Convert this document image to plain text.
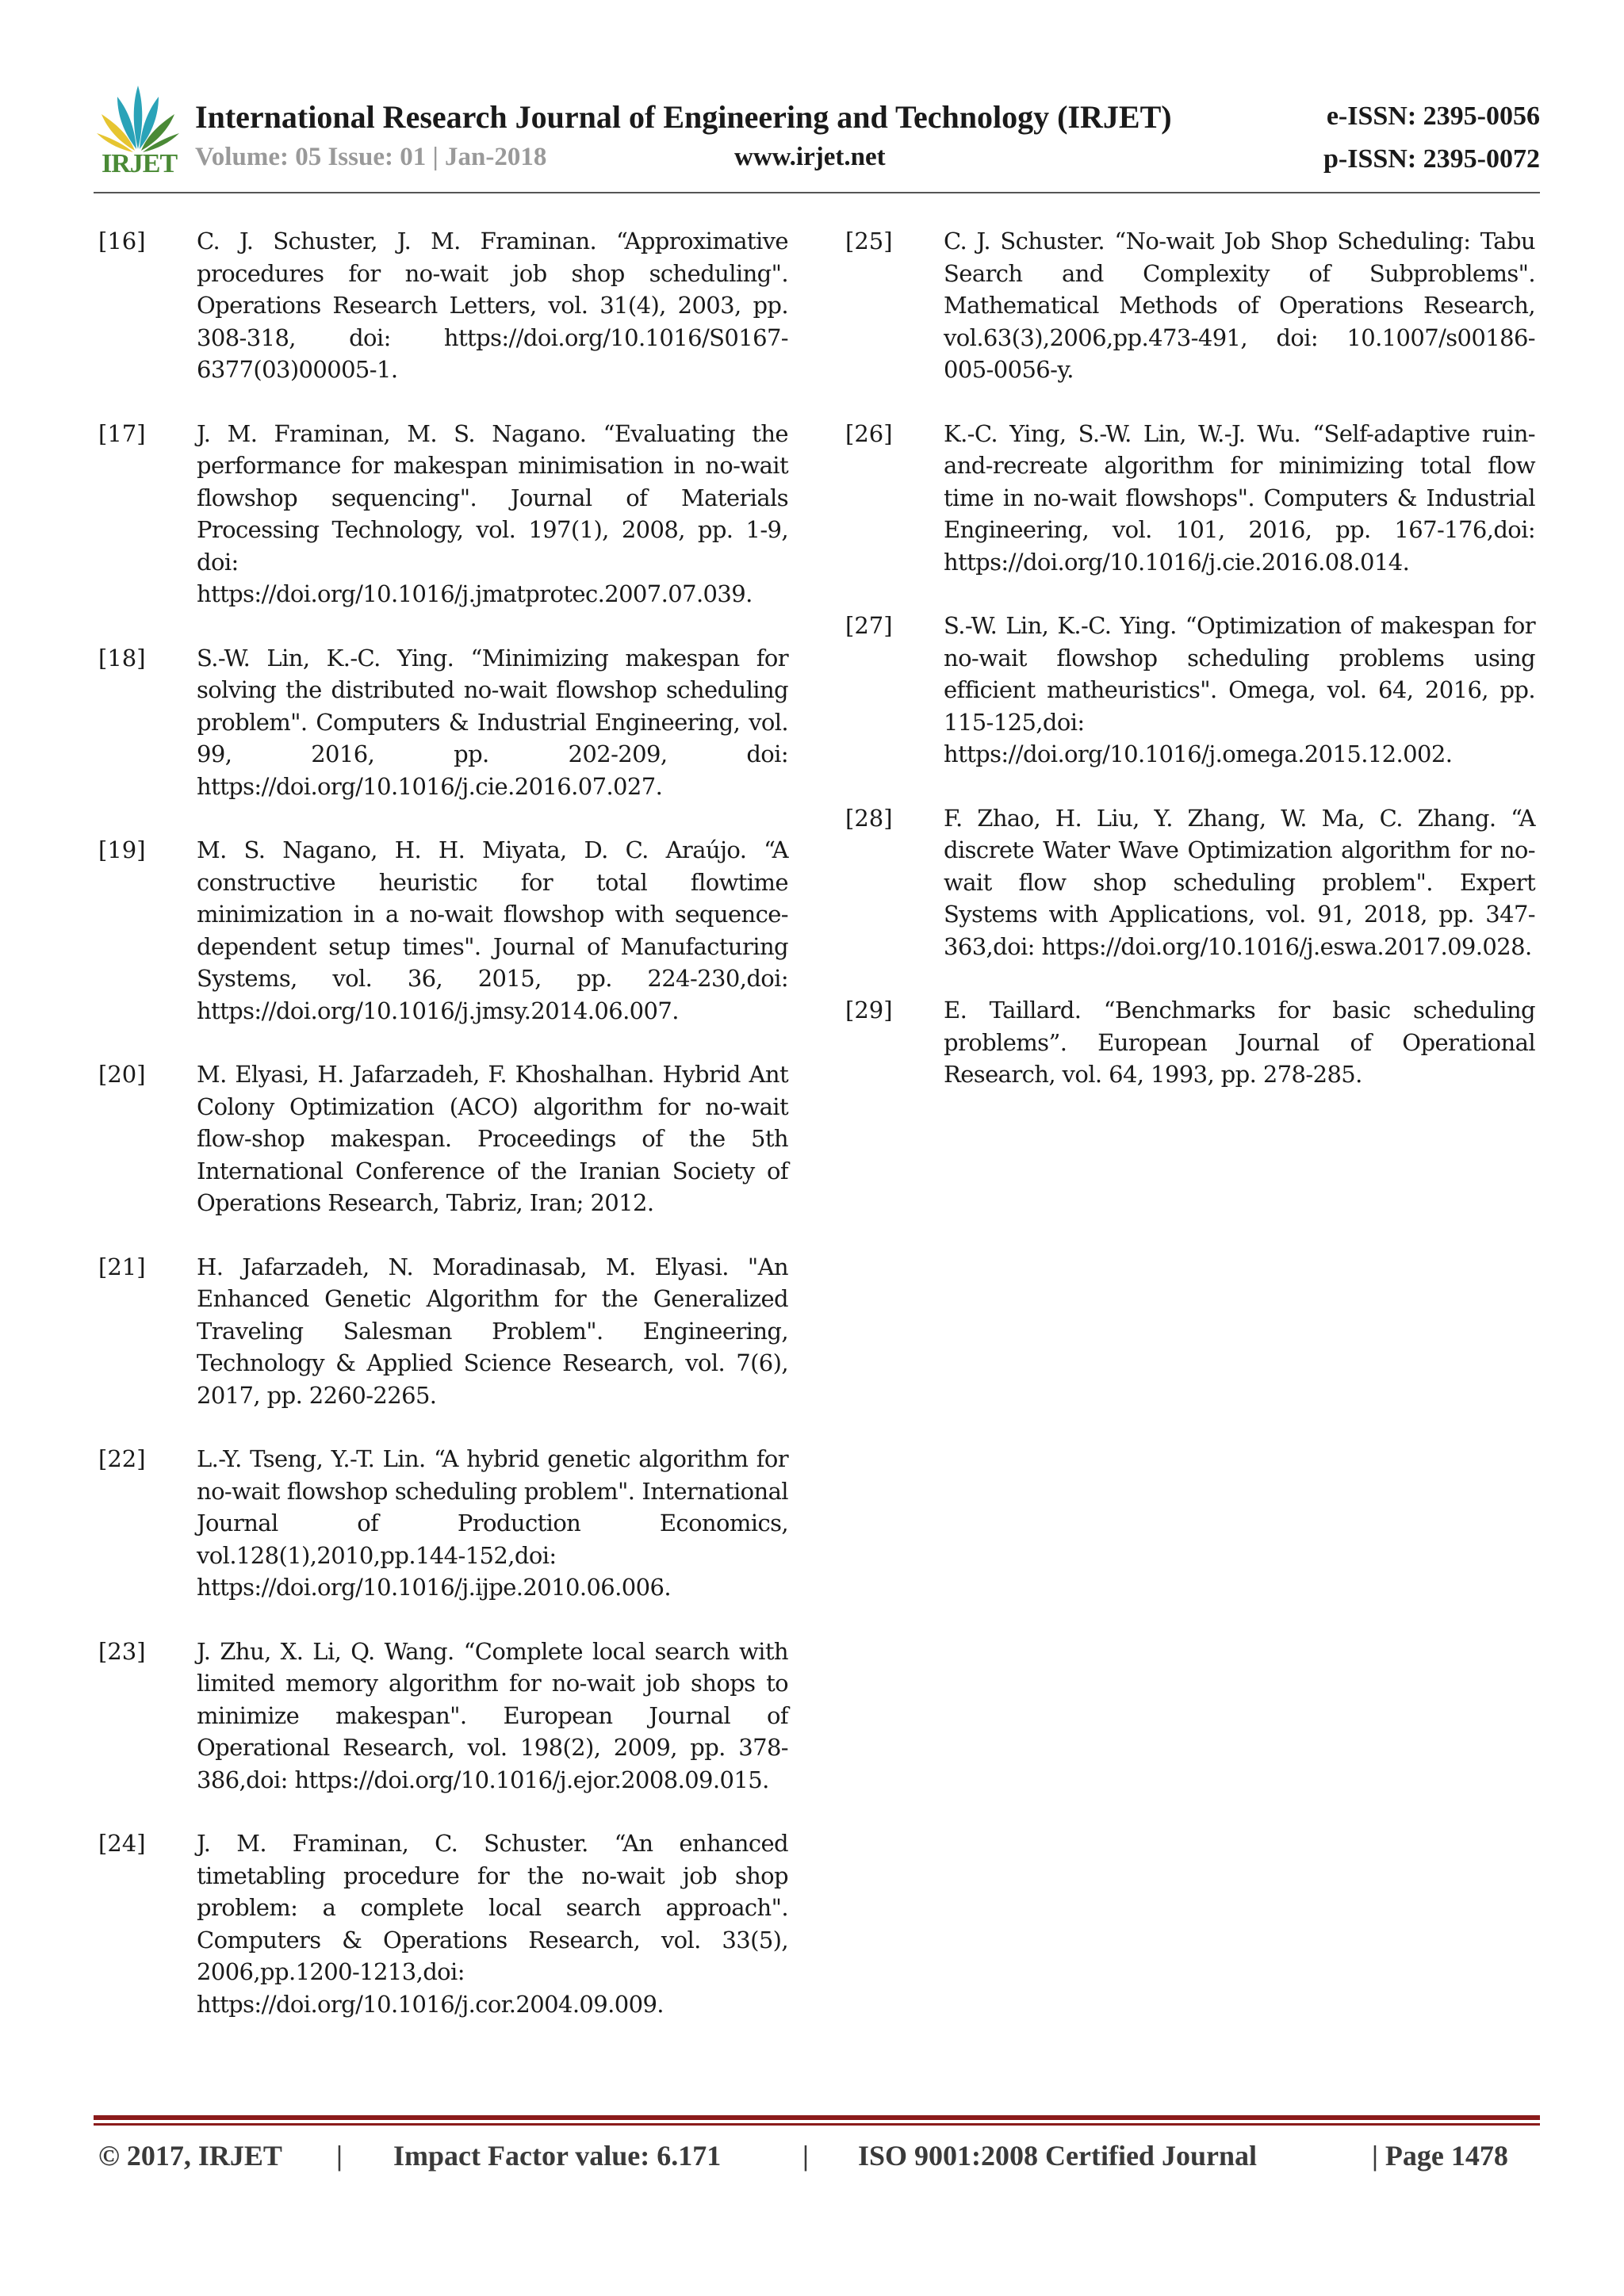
IRJET
International Research Journal of Engineering and Technology (IRJET)
Volume: 05 Issue: 01 | Jan-2018	www.irjet.net
e-ISSN: 2395-0056
p-ISSN: 2395-0072
[16]	C. J. Schuster, J. M. Framinan. “Approximative procedures for no-wait job shop scheduling". Operations Research Letters, vol. 31(4), 2003, pp. 308-318, doi: https://doi.org/10.1016/S0167-6377(03)00005-1.
[17]	J. M. Framinan, M. S. Nagano. “Evaluating the performance for makespan minimisation in no-wait flowshop sequencing". Journal of Materials Processing Technology, vol. 197(1), 2008, pp. 1-9, doi: https://doi.org/10.1016/j.jmatprotec.2007.07.039.
[18]	S.-W. Lin, K.-C. Ying. “Minimizing makespan for solving the distributed no-wait flowshop scheduling problem". Computers & Industrial Engineering, vol. 99, 2016, pp. 202-209, doi: https://doi.org/10.1016/j.cie.2016.07.027.
[19]	M. S. Nagano, H. H. Miyata, D. C. Araújo. “A constructive heuristic for total flowtime minimization in a no-wait flowshop with sequence-dependent setup times". Journal of Manufacturing Systems, vol. 36, 2015, pp. 224-230,doi: https://doi.org/10.1016/j.jmsy.2014.06.007.
[20]	M. Elyasi, H. Jafarzadeh, F. Khoshalhan. Hybrid Ant Colony Optimization (ACO) algorithm for no-wait flow-shop makespan. Proceedings of the 5th International Conference of the Iranian Society of Operations Research, Tabriz, Iran; 2012.
[21]	H. Jafarzadeh, N. Moradinasab, M. Elyasi. "An Enhanced Genetic Algorithm for the Generalized Traveling Salesman Problem". Engineering, Technology & Applied Science Research, vol. 7(6), 2017, pp. 2260-2265.
[22]	L.-Y. Tseng, Y.-T. Lin. “A hybrid genetic algorithm for no-wait flowshop scheduling problem". International Journal of Production Economics, vol.128(1),2010,pp.144-152,doi: https://doi.org/10.1016/j.ijpe.2010.06.006.
[23]	J. Zhu, X. Li, Q. Wang. “Complete local search with limited memory algorithm for no-wait job shops to minimize makespan". European Journal of Operational Research, vol. 198(2), 2009, pp. 378-386,doi: https://doi.org/10.1016/j.ejor.2008.09.015.
[24]	J. M. Framinan, C. Schuster. “An enhanced timetabling procedure for the no-wait job shop problem: a complete local search approach". Computers & Operations Research, vol. 33(5), 2006,pp.1200-1213,doi: https://doi.org/10.1016/j.cor.2004.09.009.
[25]	C. J. Schuster. “No-wait Job Shop Scheduling: Tabu Search and Complexity of Subproblems". Mathematical Methods of Operations Research, vol.63(3),2006,pp.473-491, doi: 10.1007/s00186-005-0056-y.
[26]	K.-C. Ying, S.-W. Lin, W.-J. Wu. “Self-adaptive ruin-and-recreate algorithm for minimizing total flow time in no-wait flowshops". Computers & Industrial Engineering, vol. 101, 2016, pp. 167-176,doi: https://doi.org/10.1016/j.cie.2016.08.014.
[27]	S.-W. Lin, K.-C. Ying. “Optimization of makespan for no-wait flowshop scheduling problems using efficient matheuristics". Omega, vol. 64, 2016, pp. 115-125,doi: https://doi.org/10.1016/j.omega.2015.12.002.
[28]	F. Zhao, H. Liu, Y. Zhang, W. Ma, C. Zhang. “A discrete Water Wave Optimization algorithm for no-wait flow shop scheduling problem". Expert Systems with Applications, vol. 91, 2018, pp. 347-363,doi: https://doi.org/10.1016/j.eswa.2017.09.028.
[29]	E. Taillard. “Benchmarks for basic scheduling problems”. European Journal of Operational Research, vol. 64, 1993, pp. 278-285.
© 2017, IRJET | Impact Factor value: 6.171	| ISO 9001:2008 Certified Journal	| Page 1478
